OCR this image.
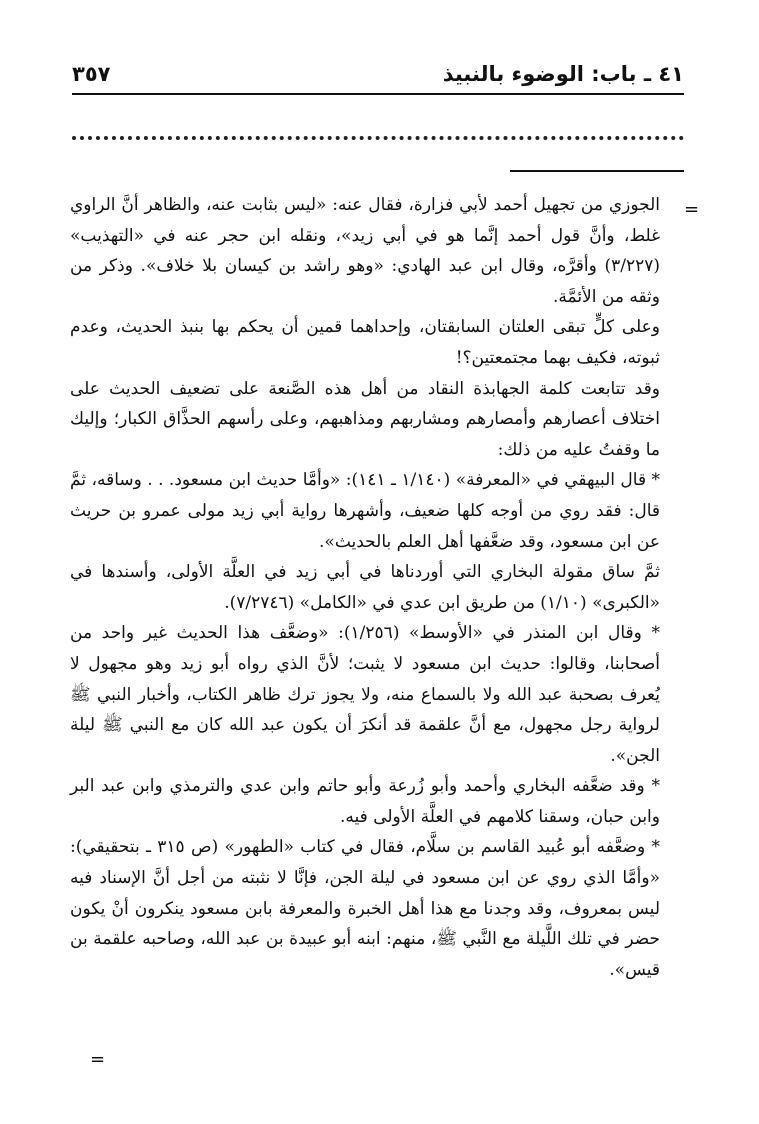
٤١ ـ باب: الوضوء بالنبيذ
٣٥٧
=

الجوزي من تجهيل أحمد لأبي فزارة، فقال عنه: «ليس بثابت عنه، والظاهر أنَّ الراوي غلط، وأنَّ قول أحمد إنَّما هو في أبي زيد»، ونقله ابن حجر عنه في «التهذيب» (٣/٢٢٧) وأقرَّه، وقال ابن عبد الهادي: «وهو راشد بن كيسان بلا خلاف». وذكر من وثقه من الأئمَّة.

وعلى كلٍّ تبقى العلتان السابقتان، وإحداهما قمين أن يحكم بها بنبذ الحديث، وعدم ثبوته، فكيف بهما مجتمعتين؟!

وقد تتابعت كلمة الجهابذة النقاد من أهل هذه الصَّنعة على تضعيف الحديث على اختلاف أعصارهم وأمصارهم ومشاربهم ومذاهبهم، وعلى رأسهم الحذَّاق الكبار؛ وإليك ما وقفتُ عليه من ذلك:

* قال البيهقي في «المعرفة» (١/١٤٠ ـ ١٤١): «وأمَّا حديث ابن مسعود. . . وساقه، ثمَّ قال: فقد روي من أوجه كلها ضعيف، وأشهرها رواية أبي زيد مولى عمرو بن حريث عن ابن مسعود، وقد ضعَّفها أهل العلم بالحديث».

ثمَّ ساق مقولة البخاري التي أوردناها في أبي زيد في العلَّة الأولى، وأسندها في «الكبرى» (١/١٠) من طريق ابن عدي في «الكامل» (٧/٢٧٤٦).

* وقال ابن المنذر في «الأوسط» (١/٢٥٦): «وضعَّف هذا الحديث غير واحد من أصحابنا، وقالوا: حديث ابن مسعود لا يثبت؛ لأنَّ الذي رواه أبو زيد وهو مجهول لا يُعرف بصحبة عبد الله ولا بالسماع منه، ولا يجوز ترك ظاهر الكتاب، وأخبار النبي ﷺ لرواية رجل مجهول، مع أنَّ علقمة قد أنكرَ أن يكون عبد الله كان مع النبي ﷺ ليلة الجن».

* وقد ضعَّفه البخاري وأحمد وأبو زُرعة وأبو حاتم وابن عدي والترمذي وابن عبد البر وابن حبان، وسقنا كلامهم في العلَّة الأولى فيه.

* وضعَّفه أبو عُبيد القاسم بن سلَّام، فقال في كتاب «الطهور» (ص ٣١٥ ـ بتحقيقي): «وأمَّا الذي روي عن ابن مسعود في ليلة الجن، فإنَّا لا نثبته من أجل أنَّ الإسناد فيه ليس بمعروف، وقد وجدنا مع هذا أهل الخبرة والمعرفة بابن مسعود ينكرون أنْ يكون حضر في تلك اللَّيلة مع النَّبي ﷺ، منهم: ابنه أبو عبيدة بن عبد الله، وصاحبه علقمة بن قيس».

=
